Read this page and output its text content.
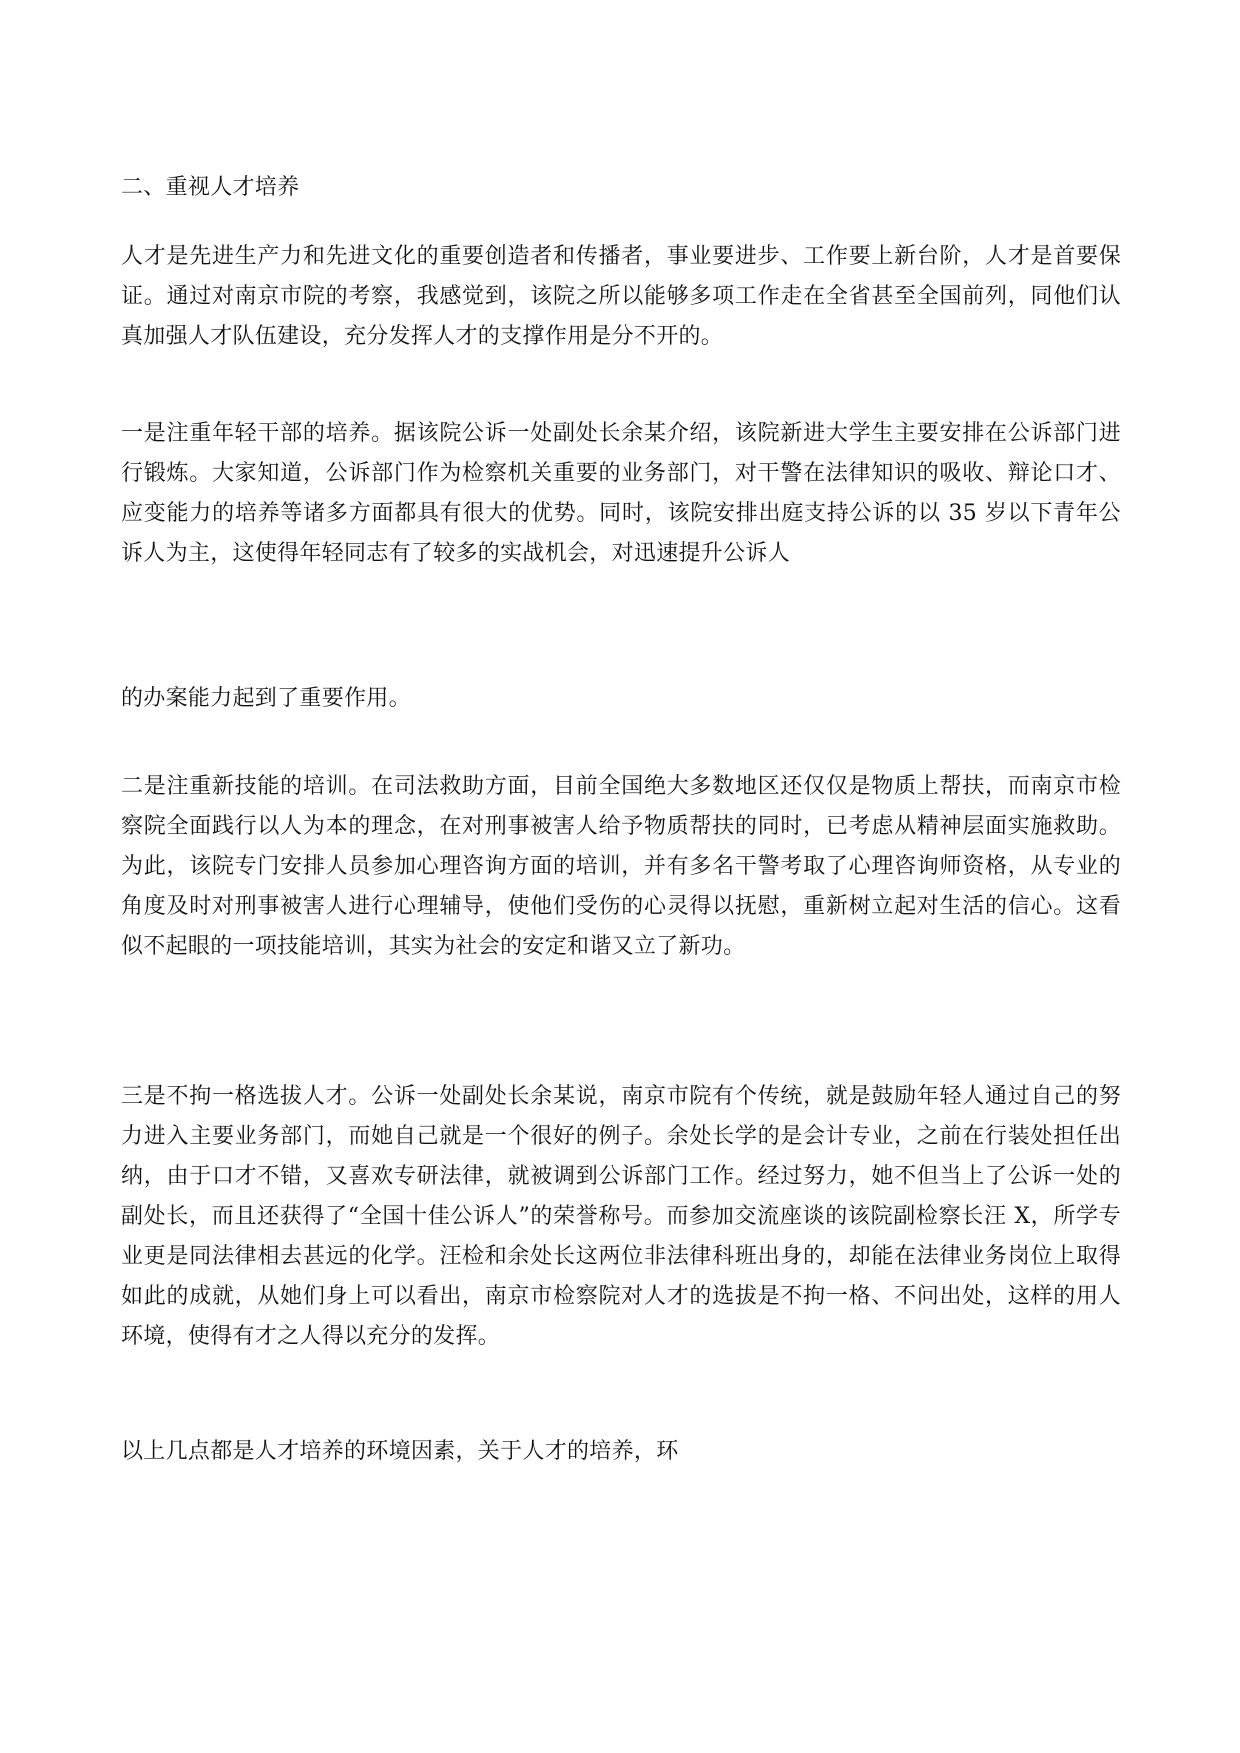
二、重视人才培养

人才是先进生产力和先进文化的重要创造者和传播者，事业要进步、工作要上新台阶，人才是首要保证。通过对南京市院的考察，我感觉到，该院之所以能够多项工作走在全省甚至全国前列，同他们认真加强人才队伍建设，充分发挥人才的支撑作用是分不开的。

一是注重年轻干部的培养。据该院公诉一处副处长余某介绍，该院新进大学生主要安排在公诉部门进行锻炼。大家知道，公诉部门作为检察机关重要的业务部门，对干警在法律知识的吸收、辩论口才、应变能力的培养等诸多方面都具有很大的优势。同时，该院安排出庭支持公诉的以 35 岁以下青年公诉人为主，这使得年轻同志有了较多的实战机会，对迅速提升公诉人

的办案能力起到了重要作用。

二是注重新技能的培训。在司法救助方面，目前全国绝大多数地区还仅仅是物质上帮扶，而南京市检察院全面践行以人为本的理念，在对刑事被害人给予物质帮扶的同时，已考虑从精神层面实施救助。为此，该院专门安排人员参加心理咨询方面的培训，并有多名干警考取了心理咨询师资格，从专业的角度及时对刑事被害人进行心理辅导，使他们受伤的心灵得以抚慰，重新树立起对生活的信心。这看似不起眼的一项技能培训，其实为社会的安定和谐又立了新功。

三是不拘一格选拔人才。公诉一处副处长余某说，南京市院有个传统，就是鼓励年轻人通过自己的努力进入主要业务部门，而她自己就是一个很好的例子。余处长学的是会计专业，之前在行装处担任出纳，由于口才不错，又喜欢专研法律，就被调到公诉部门工作。经过努力，她不但当上了公诉一处的副处长，而且还获得了“全国十佳公诉人”的荣誉称号。而参加交流座谈的该院副检察长汪 X，所学专业更是同法律相去甚远的化学。汪检和余处长这两位非法律科班出身的，却能在法律业务岗位上取得如此的成就，从她们身上可以看出，南京市检察院对人才的选拔是不拘一格、不问出处，这样的用人环境，使得有才之人得以充分的发挥。

以上几点都是人才培养的环境因素，关于人才的培养，环
